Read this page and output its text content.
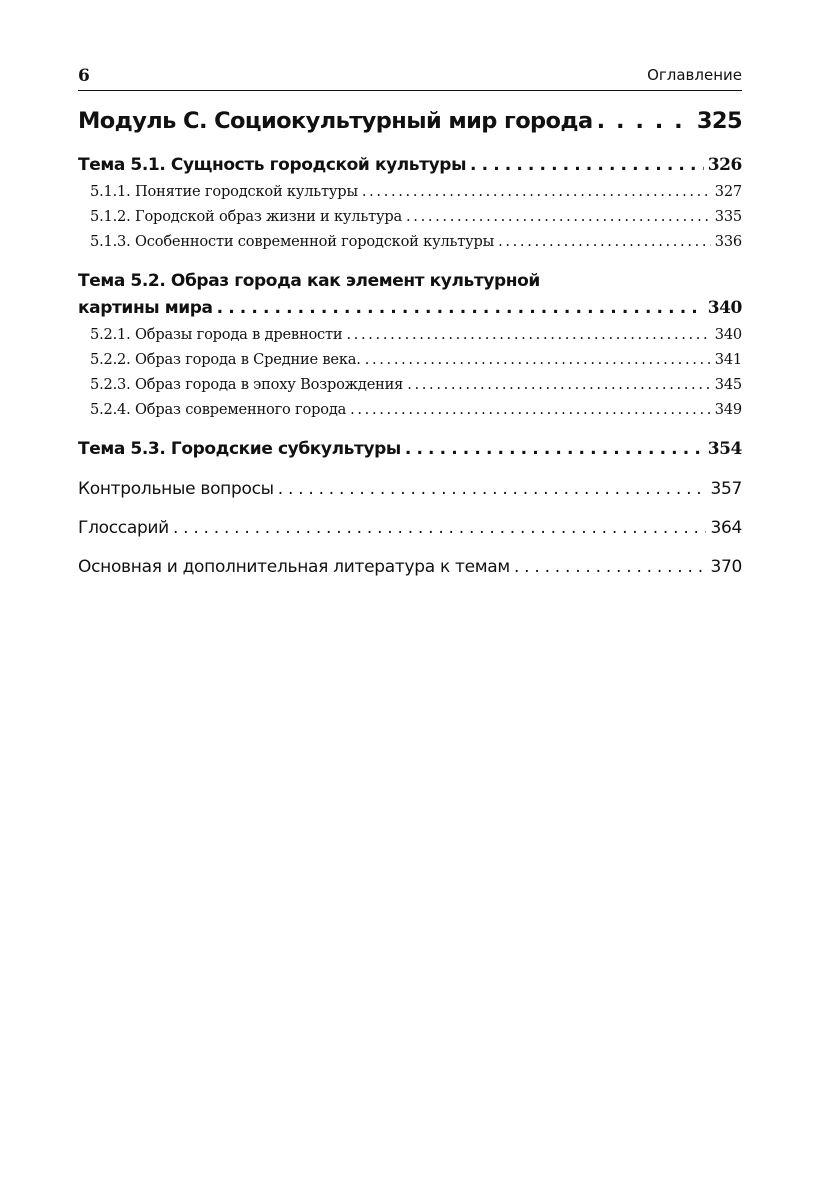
6	Оглавление
Модуль С. Социокультурный мир города . . .	325
Тема 5.1. Сущность городской культуры . . .	326
5.1.1. Понятие городской культуры . . .	327
5.1.2. Городской образ жизни и культура . . .	335
5.1.3. Особенности современной городской культуры . . .	336
Тема 5.2. Образ города как элемент культурной
картины мира . . .	340
5.2.1. Образы города в древности . . .	340
5.2.2. Образ города в Средние века. . . .	341
5.2.3. Образ города в эпоху Возрождения . . .	345
5.2.4. Образ современного города . . .	349
Тема 5.3. Городские субкультуры . . .	354
Контрольные вопросы . . .	357
Глоссарий . . .	364
Основная и дополнительная литература к темам . . .	370
